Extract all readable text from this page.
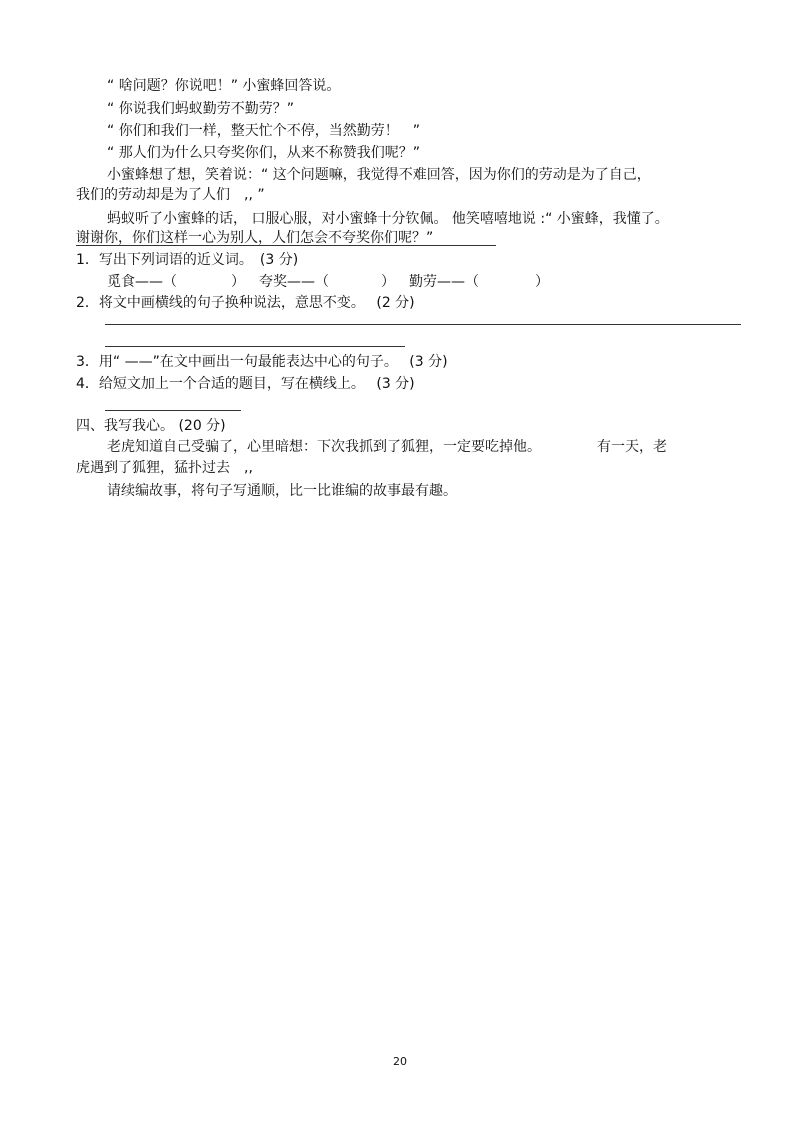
“ 啥问题？你说吧！” 小蜜蜂回答说。
“ 你说我们蚂蚁勤劳不勤劳？”
“ 你们和我们一样，整天忙个不停，当然勤劳！　”
“ 那人们为什么只夸奖你们，从来不称赞我们呢？”
小蜜蜂想了想，笑着说：“ 这个问题嘛，我觉得不难回答，因为你们的劳动是为了自己，
我们的劳动却是为了人们　,, ”
蚂蚁听了小蜜蜂的话， 口服心服，对小蜜蜂十分钦佩。 他笑嘻嘻地说 :“ 小蜜蜂，我懂了。
谢谢你，你们这样一心为别人，人们怎会不夸奖你们呢？”
1．写出下列词语的近义词。　(3 分)
觅食——（	） 夸奖——（	） 勤劳——（	）
2．将文中画横线的句子换种说法，意思不变。　 (2 分)
3．用“ ——”在文中画出一句最能表达中心的句子。　 (3 分)
4．给短文加上一个合适的题目，写在横线上。　 (3 分)
四、我写我心。 (20 分)
老虎知道自己受骗了，心里暗想：下次我抓到了狐狸，一定要吃掉他。	有一天，老
虎遇到了狐狸，猛扑过去　,,
请续编故事，将句子写通顺，比一比谁编的故事最有趣。
20
